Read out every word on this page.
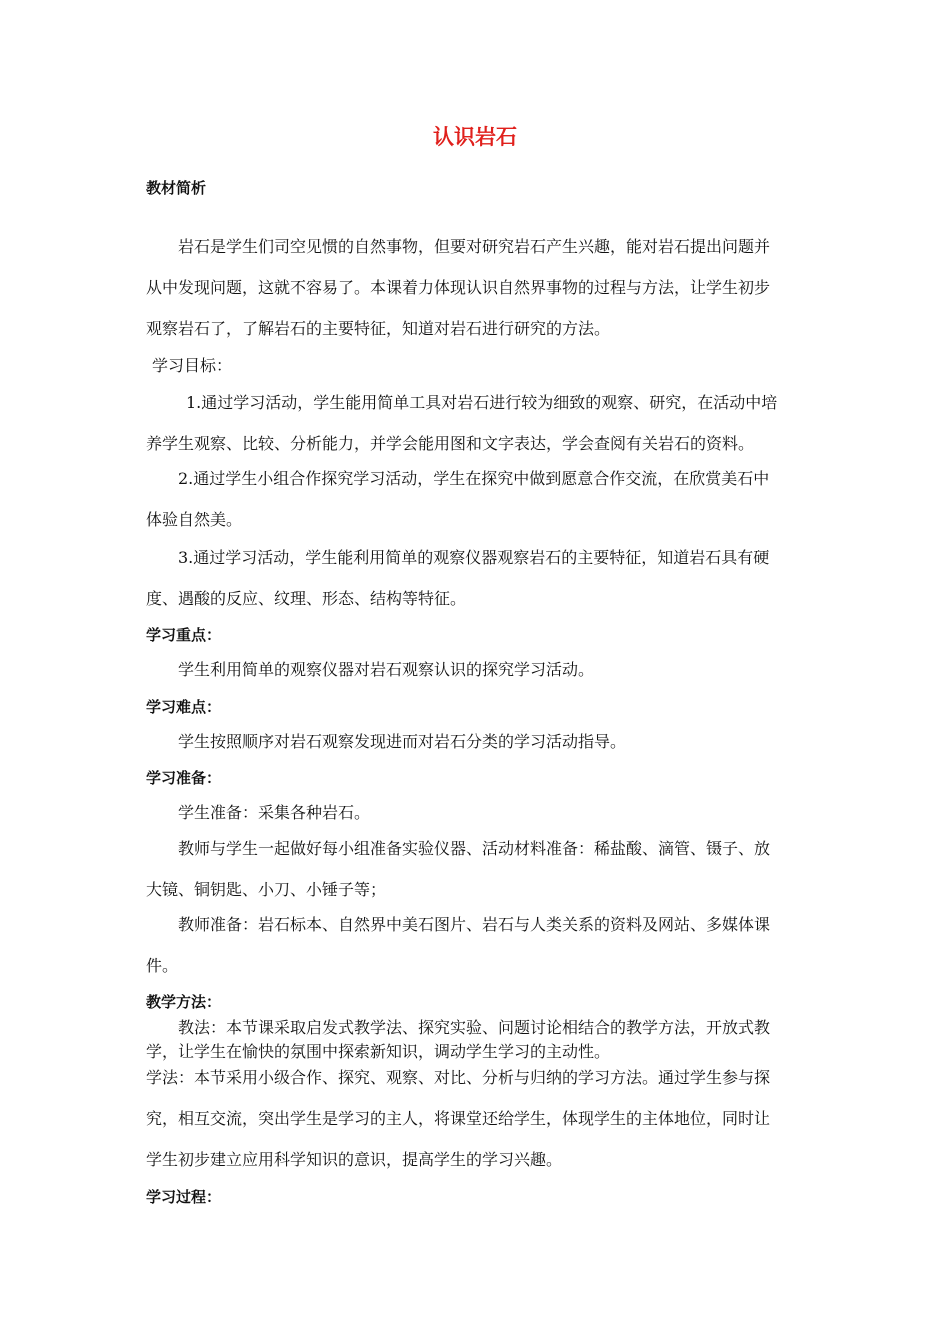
认识岩石

教材简析

岩石是学生们司空见惯的自然事物，但要对研究岩石产生兴趣，能对岩石提出问题并

从中发现问题，这就不容易了。本课着力体现认识自然界事物的过程与方法，让学生初步

观察岩石了，了解岩石的主要特征，知道对岩石进行研究的方法。

学习目标：

1.通过学习活动，学生能用简单工具对岩石进行较为细致的观察、研究，在活动中培

养学生观察、比较、分析能力，并学会能用图和文字表达，学会查阅有关岩石的资料。

2.通过学生小组合作探究学习活动，学生在探究中做到愿意合作交流，在欣赏美石中

体验自然美。

3.通过学习活动，学生能利用简单的观察仪器观察岩石的主要特征，知道岩石具有硬

度、遇酸的反应、纹理、形态、结构等特征。

学习重点：

学生利用简单的观察仪器对岩石观察认识的探究学习活动。

学习难点：

学生按照顺序对岩石观察发现进而对岩石分类的学习活动指导。

学习准备：

学生准备：采集各种岩石。

教师与学生一起做好每小组准备实验仪器、活动材料准备：稀盐酸、滴管、镊子、放

大镜、铜钥匙、小刀、小锤子等；

教师准备：岩石标本、自然界中美石图片、岩石与人类关系的资料及网站、多媒体课

件。

教学方法：

教法：本节课采取启发式教学法、探究实验、问题讨论相结合的教学方法，开放式教

学，让学生在愉快的氛围中探索新知识，调动学生学习的主动性。

学法：本节采用小级合作、探究、观察、对比、分析与归纳的学习方法。通过学生参与探

究，相互交流，突出学生是学习的主人，将课堂还给学生，体现学生的主体地位，同时让

学生初步建立应用科学知识的意识，提高学生的学习兴趣。

学习过程：
